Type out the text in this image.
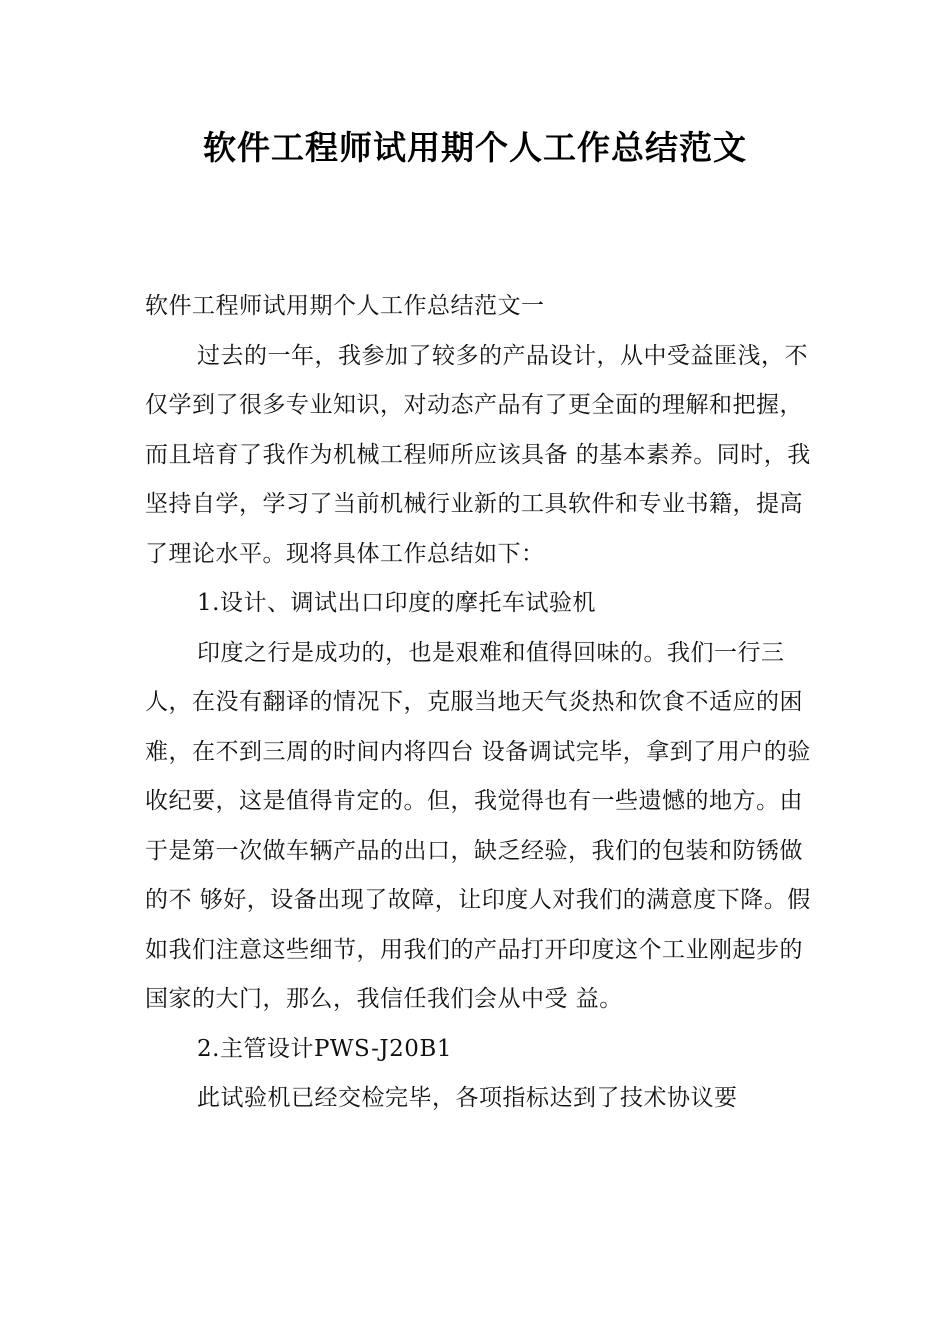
软件工程师试用期个人工作总结范文

软件工程师试用期个人工作总结范文一

过去的一年，我参加了较多的产品设计，从中受益匪浅，不仅学到了很多专业知识，对动态产品有了更全面的理解和把握，而且培育了我作为机械工程师所应该具备 的基本素养。同时，我坚持自学，学习了当前机械行业新的工具软件和专业书籍，提高了理论水平。现将具体工作总结如下：

1.设计、调试出口印度的摩托车试验机

印度之行是成功的，也是艰难和值得回味的。我们一行三人，在没有翻译的情况下，克服当地天气炎热和饮食不适应的困难，在不到三周的时间内将四台 设备调试完毕，拿到了用户的验收纪要，这是值得肯定的。但，我觉得也有一些遗憾的地方。由于是第一次做车辆产品的出口，缺乏经验，我们的包装和防锈做的不 够好，设备出现了故障，让印度人对我们的满意度下降。假如我们注意这些细节，用我们的产品打开印度这个工业刚起步的国家的大门，那么，我信任我们会从中受 益。

2.主管设计PWS-J20B1

此试验机已经交检完毕，各项指标达到了技术协议要
